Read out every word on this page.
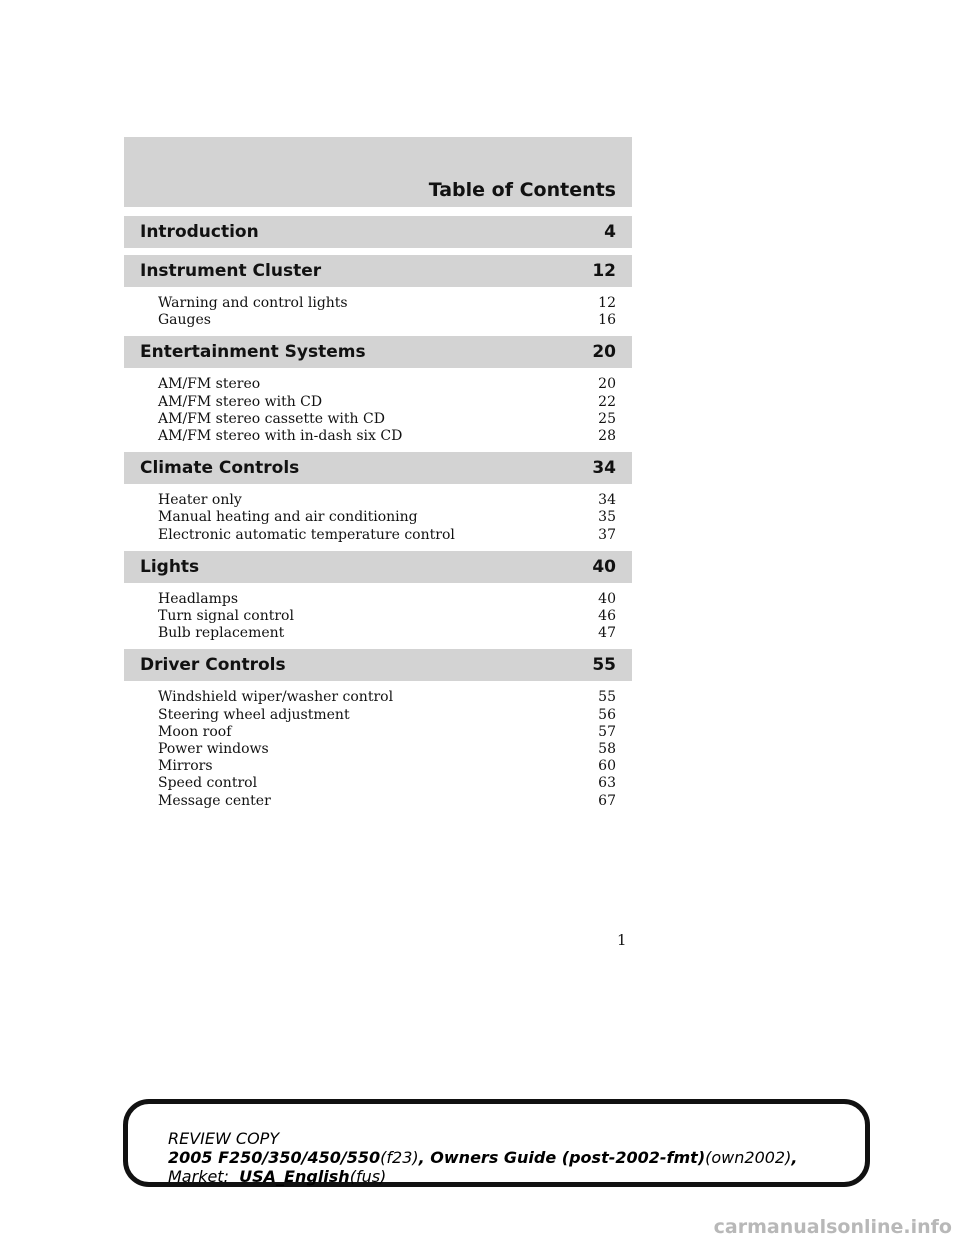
Table of Contents
Introduction	4
Instrument Cluster	12
Warning and control lights	12
Gauges	16
Entertainment Systems	20
AM/FM stereo	20
AM/FM stereo with CD	22
AM/FM stereo cassette with CD	25
AM/FM stereo with in-dash six CD	28
Climate Controls	34
Heater only	34
Manual heating and air conditioning	35
Electronic automatic temperature control	37
Lights	40
Headlamps	40
Turn signal control	46
Bulb replacement	47
Driver Controls	55
Windshield wiper/washer control	55
Steering wheel adjustment	56
Moon roof	57
Power windows	58
Mirrors	60
Speed control	63
Message center	67
1
REVIEW COPY
2005 F250/350/450/550(f23), Owners Guide (post-2002-fmt)(own2002),
Market:  USA_English(fus)
carmanualsonline.info
